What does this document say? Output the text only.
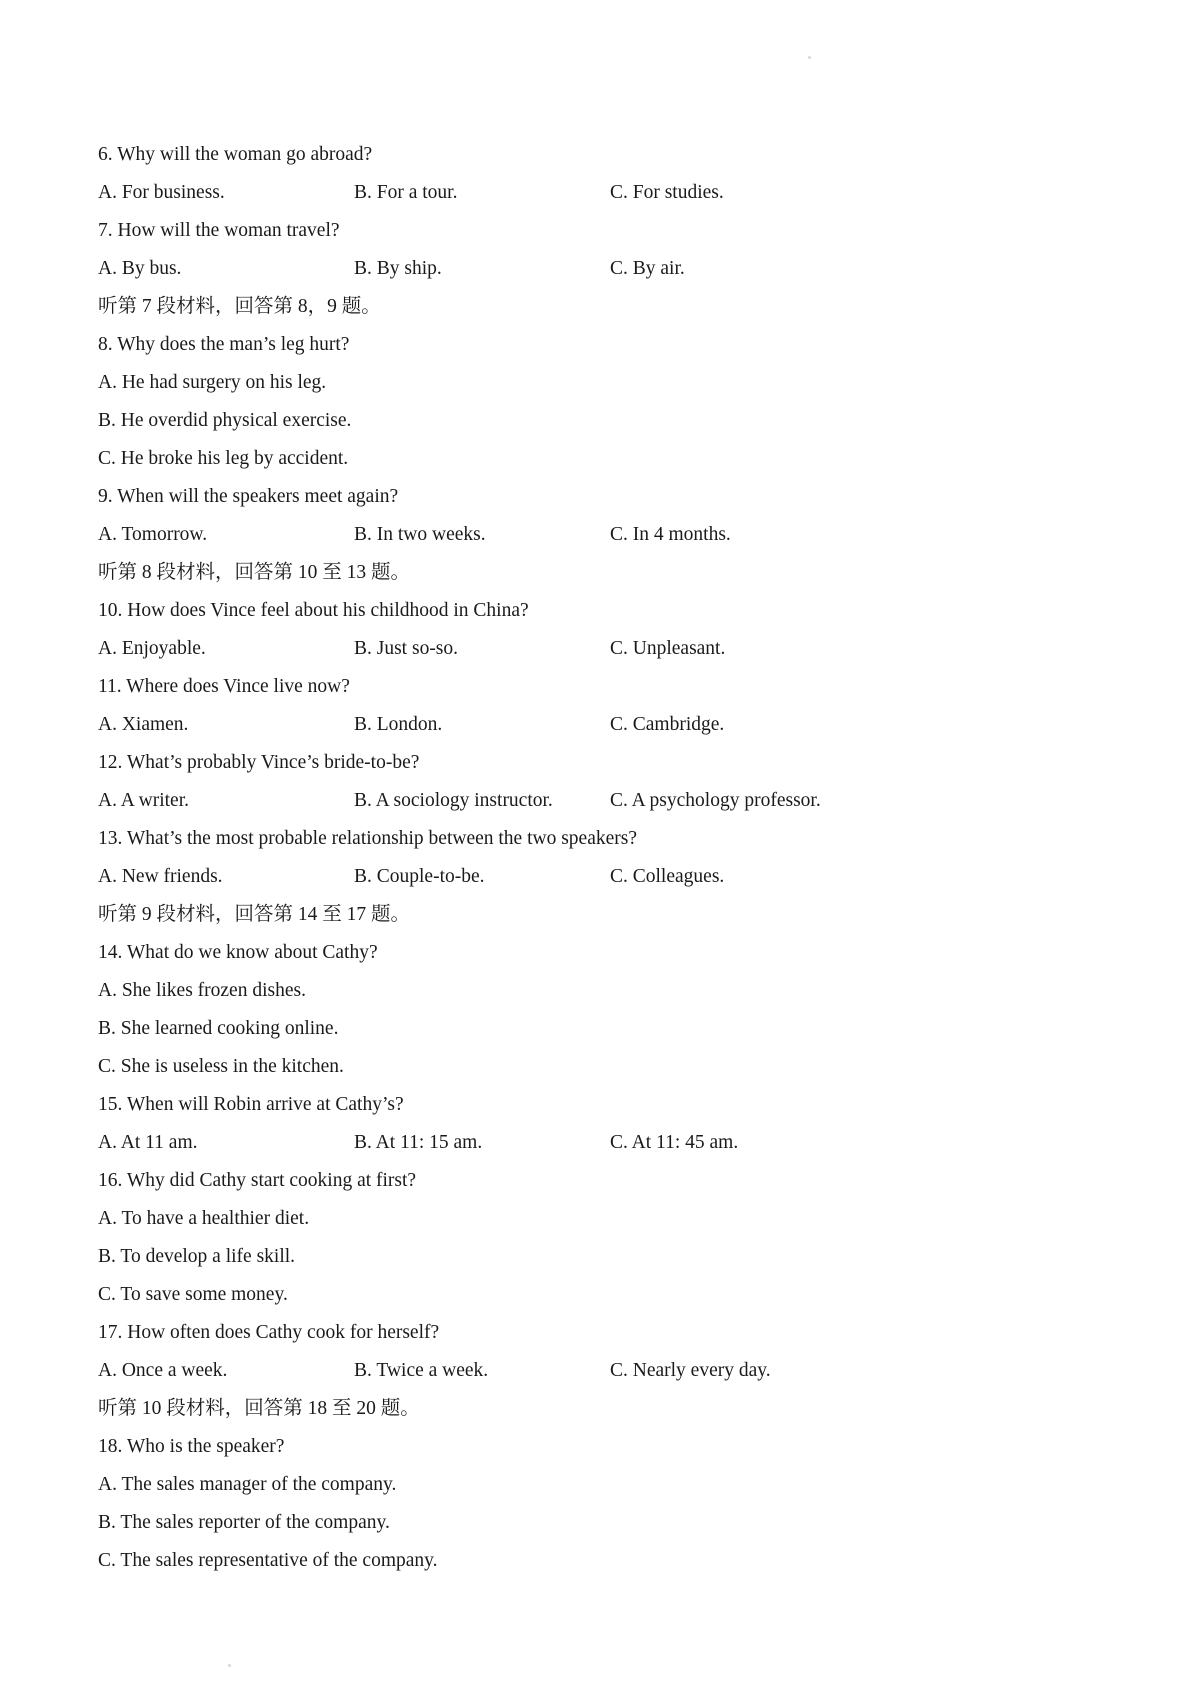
6. Why will the woman go abroad?
A. For business.	B. For a tour.	C. For studies.
7. How will the woman travel?
A. By bus.	B. By ship.	C. By air.
听第 7 段材料，回答第 8，9 题。
8. Why does the man’s leg hurt?
A. He had surgery on his leg.
B. He overdid physical exercise.
C. He broke his leg by accident.
9. When will the speakers meet again?
A. Tomorrow.	B. In two weeks.	C. In 4 months.
听第 8 段材料，回答第 10 至 13 题。
10. How does Vince feel about his childhood in China?
A. Enjoyable.	B. Just so-so.	C. Unpleasant.
11. Where does Vince live now?
A. Xiamen.	B. London.	C. Cambridge.
12. What’s probably Vince’s bride-to-be?
A. A writer.	B. A sociology instructor.	C. A psychology professor.
13. What’s the most probable relationship between the two speakers?
A. New friends.	B. Couple-to-be.	C. Colleagues.
听第 9 段材料，回答第 14 至 17 题。
14. What do we know about Cathy?
A. She likes frozen dishes.
B. She learned cooking online.
C. She is useless in the kitchen.
15. When will Robin arrive at Cathy’s?
A. At 11 am.	B. At 11: 15 am.	C. At 11: 45 am.
16. Why did Cathy start cooking at first?
A. To have a healthier diet.
B. To develop a life skill.
C. To save some money.
17. How often does Cathy cook for herself?
A. Once a week.	B. Twice a week.	C. Nearly every day.
听第 10 段材料，回答第 18 至 20 题。
18. Who is the speaker?
A. The sales manager of the company.
B. The sales reporter of the company.
C. The sales representative of the company.
